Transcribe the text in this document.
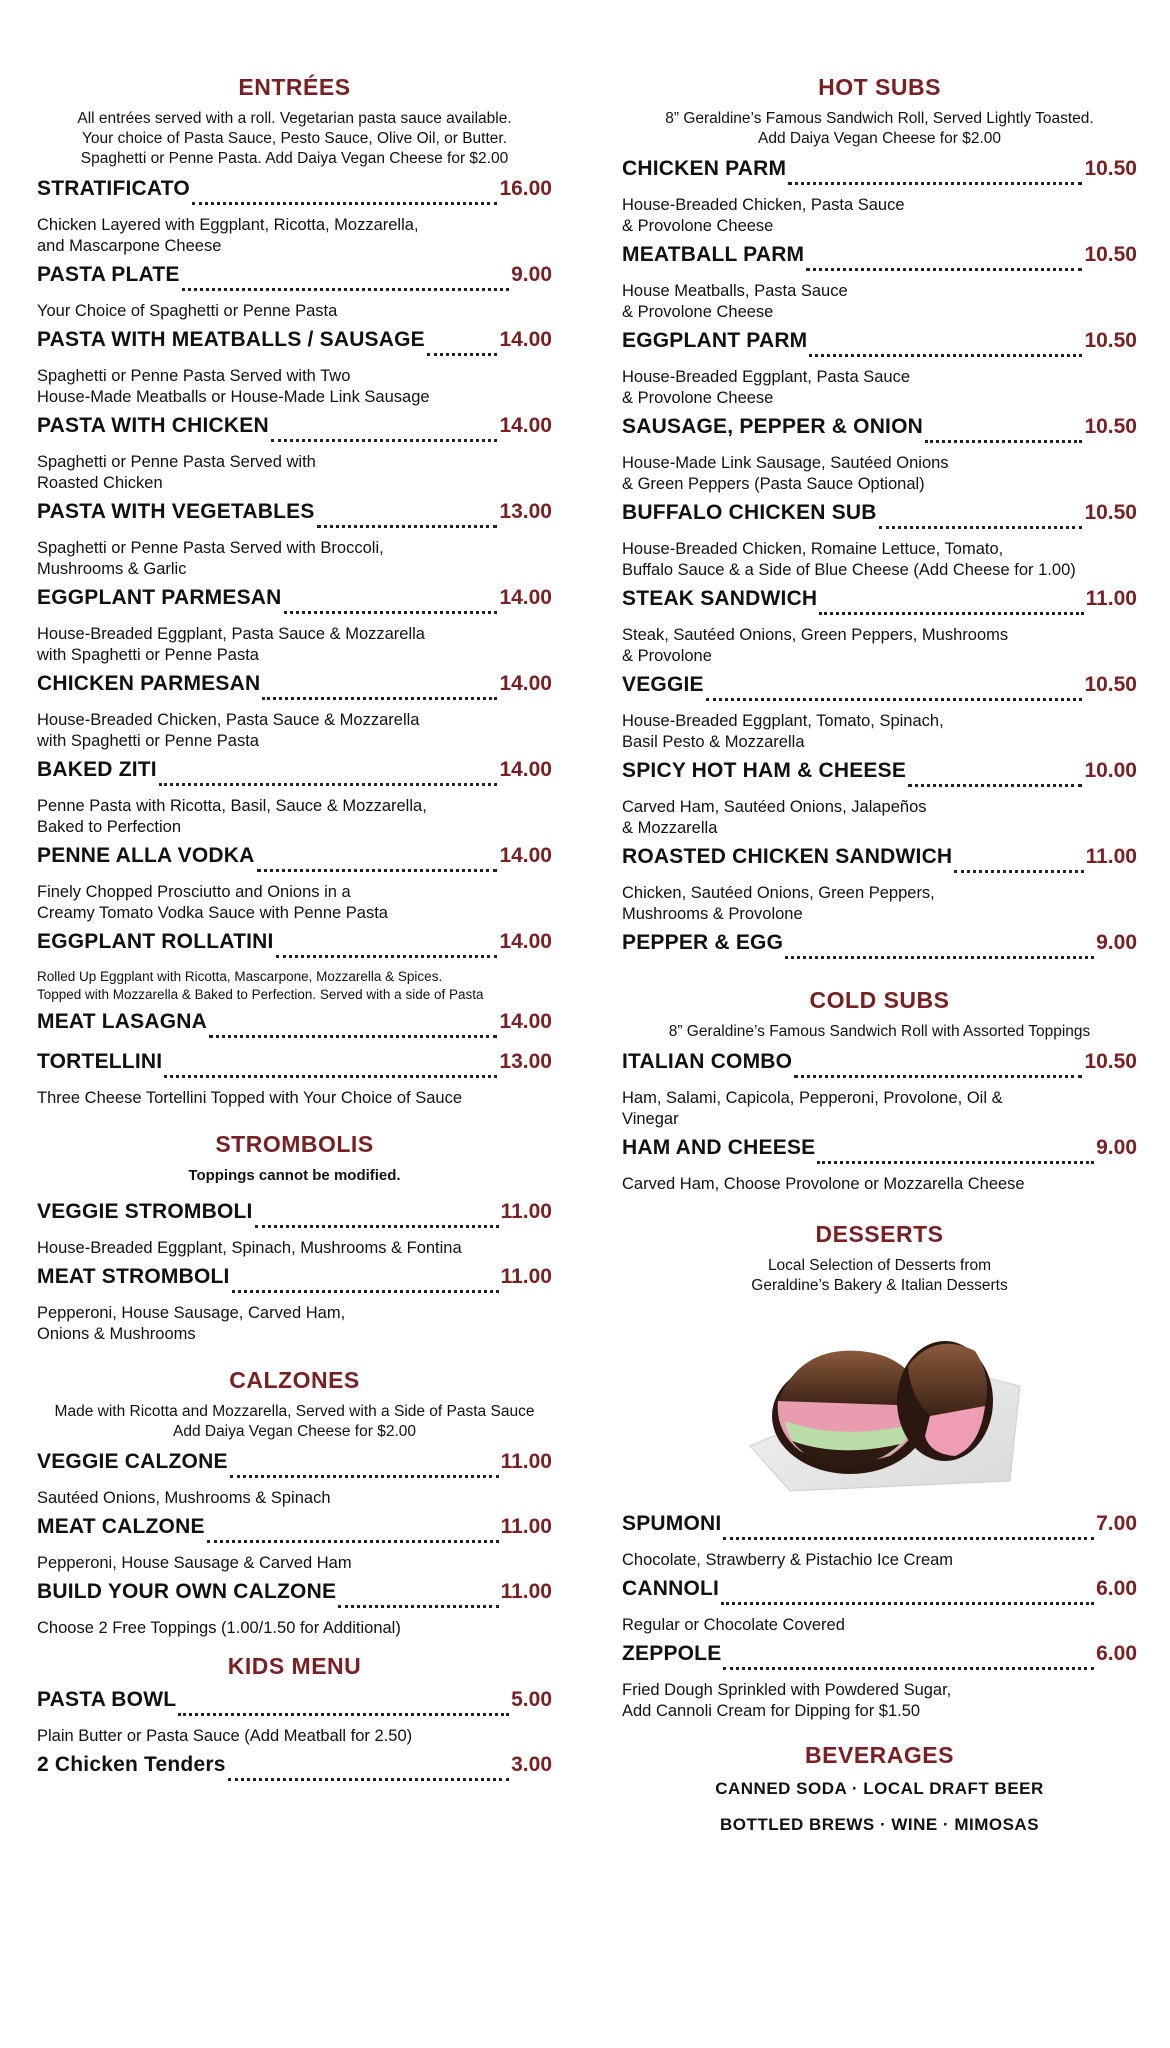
ENTRÉES
All entrées served with a roll. Vegetarian pasta sauce available.
Your choice of Pasta Sauce, Pesto Sauce, Olive Oil, or Butter.
Spaghetti or Penne Pasta. Add Daiya Vegan Cheese for $2.00
STRATIFICATO	16.00
Chicken Layered with Eggplant, Ricotta, Mozzarella,
and Mascarpone Cheese
PASTA PLATE	9.00
Your Choice of Spaghetti or Penne Pasta
PASTA WITH MEATBALLS / SAUSAGE	14.00
Spaghetti or Penne Pasta Served with Two
House-Made Meatballs or House-Made Link Sausage
PASTA WITH CHICKEN	14.00
Spaghetti or Penne Pasta Served with
Roasted Chicken
PASTA WITH VEGETABLES	13.00
Spaghetti or Penne Pasta Served with Broccoli,
Mushrooms & Garlic
EGGPLANT PARMESAN	14.00
House-Breaded Eggplant, Pasta Sauce & Mozzarella
with Spaghetti or Penne Pasta
CHICKEN PARMESAN	14.00
House-Breaded Chicken, Pasta Sauce & Mozzarella
with Spaghetti or Penne Pasta
BAKED ZITI	14.00
Penne Pasta with Ricotta, Basil, Sauce & Mozzarella,
Baked to Perfection
PENNE ALLA VODKA	14.00
Finely Chopped Prosciutto and Onions in a
Creamy Tomato Vodka Sauce with Penne Pasta
EGGPLANT ROLLATINI	14.00
Rolled Up Eggplant with Ricotta, Mascarpone, Mozzarella & Spices.
Topped with Mozzarella & Baked to Perfection. Served with a side of Pasta
MEAT LASAGNA	14.00
TORTELLINI	13.00
Three Cheese Tortellini Topped with Your Choice of Sauce
STROMBOLIS
Toppings cannot be modified.
VEGGIE STROMBOLI	11.00
House-Breaded Eggplant, Spinach, Mushrooms & Fontina
MEAT STROMBOLI	11.00
Pepperoni, House Sausage, Carved Ham,
Onions & Mushrooms
CALZONES
Made with Ricotta and Mozzarella, Served with a Side of Pasta Sauce
Add Daiya Vegan Cheese for $2.00
VEGGIE CALZONE	11.00
Sautéed Onions, Mushrooms & Spinach
MEAT CALZONE	11.00
Pepperoni, House Sausage & Carved Ham
BUILD YOUR OWN CALZONE	11.00
Choose 2 Free Toppings (1.00/1.50 for Additional)
KIDS MENU
PASTA BOWL	5.00
Plain Butter or Pasta Sauce (Add Meatball for 2.50)
2 Chicken Tenders	3.00
HOT SUBS
8” Geraldine’s Famous Sandwich Roll, Served Lightly Toasted.
Add Daiya Vegan Cheese for $2.00
CHICKEN PARM	10.50
House-Breaded Chicken, Pasta Sauce
& Provolone Cheese
MEATBALL PARM	10.50
House Meatballs, Pasta Sauce
& Provolone Cheese
EGGPLANT PARM	10.50
House-Breaded Eggplant, Pasta Sauce
& Provolone Cheese
SAUSAGE, PEPPER & ONION	10.50
House-Made Link Sausage, Sautéed Onions
& Green Peppers (Pasta Sauce Optional)
BUFFALO CHICKEN SUB	10.50
House-Breaded Chicken, Romaine Lettuce, Tomato,
Buffalo Sauce & a Side of Blue Cheese (Add Cheese for 1.00)
STEAK SANDWICH	11.00
Steak, Sautéed Onions, Green Peppers, Mushrooms
& Provolone
VEGGIE	10.50
House-Breaded Eggplant, Tomato, Spinach,
Basil Pesto & Mozzarella
SPICY HOT HAM & CHEESE	10.00
Carved Ham, Sautéed Onions, Jalapeños
& Mozzarella
ROASTED CHICKEN SANDWICH	11.00
Chicken, Sautéed Onions, Green Peppers,
Mushrooms & Provolone
PEPPER & EGG	9.00
COLD SUBS
8” Geraldine’s Famous Sandwich Roll with Assorted Toppings
ITALIAN COMBO	10.50
Ham, Salami, Capicola, Pepperoni, Provolone, Oil &
Vinegar
HAM AND CHEESE	9.00
Carved Ham, Choose Provolone or Mozzarella Cheese
DESSERTS
Local Selection of Desserts from
Geraldine’s Bakery & Italian Desserts
SPUMONI	7.00
Chocolate, Strawberry & Pistachio Ice Cream
CANNOLI	6.00
Regular or Chocolate Covered
ZEPPOLE	6.00
Fried Dough Sprinkled with Powdered Sugar,
Add Cannoli Cream for Dipping for $1.50
BEVERAGES
CANNED SODA · LOCAL DRAFT BEER
BOTTLED BREWS · WINE · MIMOSAS
